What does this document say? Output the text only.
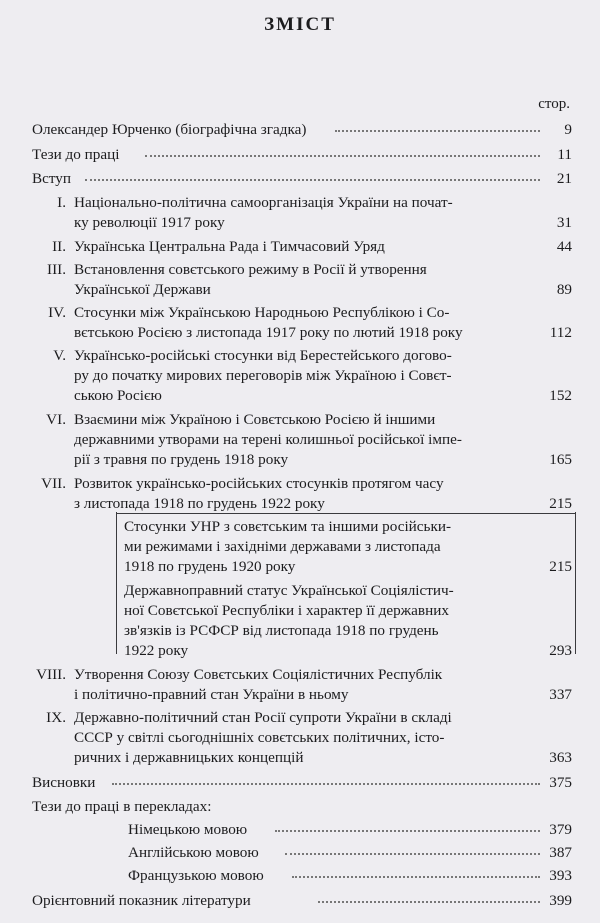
ЗМІСТ
стор.
Олександер Юрченко (біографічна згадка)	9
Тези до праці	11
Вступ	21
I. Національно-політична самоорганізація України на почат-
ку революції 1917 року	31
II. Українська Центральна Рада і Тимчасовий Уряд	44
III. Встановлення совєтського режиму в Росії й утворення
Української Держави	89
IV. Стосунки між Українською Народньою Республікою і Со-
вєтською Росією з листопада 1917 року по лютий 1918 року	112
V. Українсько-російські стосунки від Берестейського догово-
ру до початку мирових переговорів між Україною і Совєт-
ською Росією	152
VI. Взаємини між Україною і Совєтською Росією й іншими
державними утворами на терені колишньої російської імпе-
рії з травня по грудень 1918 року	165
VII. Розвиток українсько-російських стосунків протягом часу
з листопада 1918 по грудень 1922 року	215
Стосунки УНР з совєтським та іншими російськи-
ми режимами і західніми державами з листопада
1918 по грудень 1920 року	215
Державноправний статус Української Соціялістич-
ної Совєтської Республіки і характер її державних
зв'язків із РСФСР від листопада 1918 по грудень
1922 року	293
VIII. Утворення Союзу Совєтських Соціялістичних Республік
і політично-правний стан України в ньому	337
IX. Державно-політичний стан Росії супроти України в складі
СССР у світлі сьогоднішніх совєтських політичних, істо-
ричних і державницьких концепцій	363
Висновки	375
Тези до праці в перекладах:
Німецькою мовою	379
Англійською мовою	387
Французькою мовою	393
Орієнтовний показник літератури	399
